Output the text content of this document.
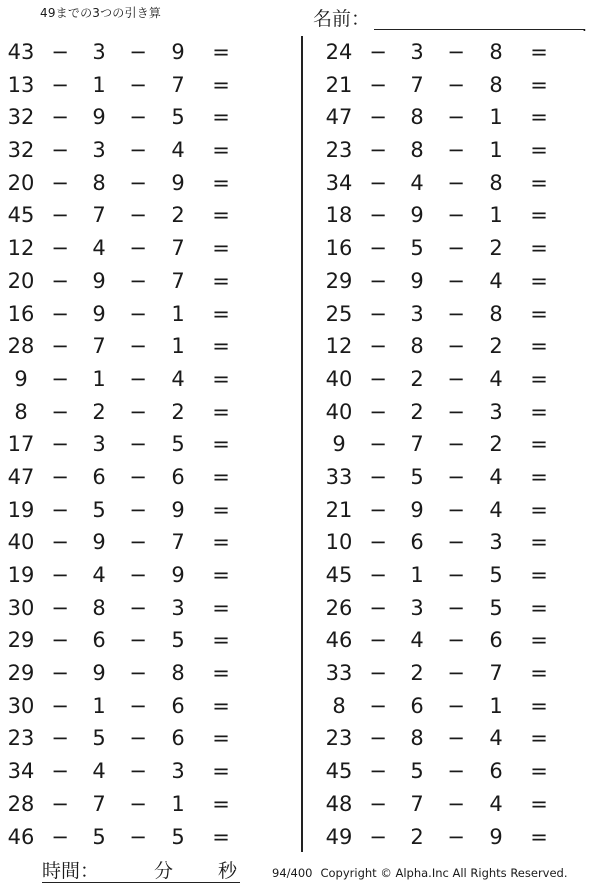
49までの3つの引き算	名前：	.
43 −	3	−	9	=
13 −	1	−	7	=
32 −	9	−	5	=
32 −	3	−	4	=
20 −	8	−	9	=
45 −	7	−	2	=
12 −	4	−	7	=
20 −	9	−	7	=
16 −	9	−	1	=
28 −	7	−	1	=
9	−	1	−	4	=
8	−	2	−	2	=
17 −	3	−	5	=
47 −	6	−	6	=
19 −	5	−	9	=
40 −	9	−	7	=
19 −	4	−	9	=
30 −	8	−	3	=
29 −	6	−	5	=
29 −	9	−	8	=
30 −	1	−	6	=
23 −	5	−	6	=
34 −	4	−	3	=
28 −	7	−	1	=
46 −	5	−	5	=
24 −	3	−	8	=
21 −	7	−	8	=
47 −	8	−	1	=
23 −	8	−	1	=
34 −	4	−	8	=
18 −	9	−	1	=
16 −	5	−	2	=
29 −	9	−	4	=
25 −	3	−	8	=
12 −	8	−	2	=
40 −	2	−	4	=
40 −	2	−	3	=
9	−	7	−	2	=
33 −	5	−	4	=
21 −	9	−	4	=
10 −	6	−	3	=
45 −	1	−	5	=
26 −	3	−	5	=
46 −	4	−	6	=
33 −	2	−	7	=
8	−	6	−	1	=
23 −	8	−	4	=
45 −	5	−	6	=
48 −	7	−	4	=
49 −	2	−	9	=
時間：	分 秒	94/400 Copyright © Alpha.Inc All Rights Reserved.
